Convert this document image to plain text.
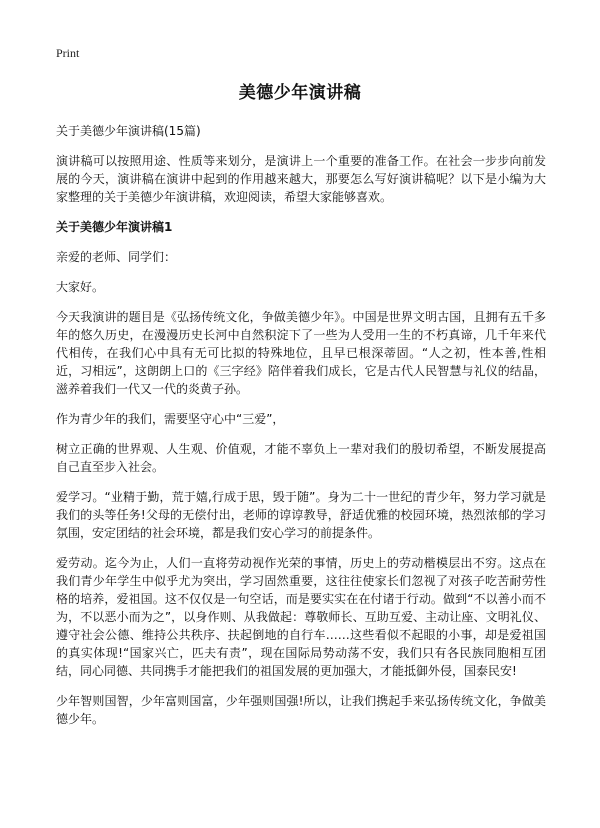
Print
美德少年演讲稿

关于美德少年演讲稿(15篇)

演讲稿可以按照用途、性质等来划分，是演讲上一个重要的准备工作。在社会一步步向前发展的今天，演讲稿在演讲中起到的作用越来越大，那要怎么写好演讲稿呢？以下是小编为大家整理的关于美德少年演讲稿，欢迎阅读，希望大家能够喜欢。

关于美德少年演讲稿1

亲爱的老师、同学们：

大家好。

今天我演讲的题目是《弘扬传统文化，争做美德少年》。中国是世界文明古国，且拥有五千多年的悠久历史，在漫漫历史长河中自然积淀下了一些为人受用一生的不朽真谛，几千年来代代相传，在我们心中具有无可比拟的特殊地位，且早已根深蒂固。“人之初，性本善,性相近，习相远”，这朗朗上口的《三字经》陪伴着我们成长，它是古代人民智慧与礼仪的结晶，滋养着我们一代又一代的炎黄子孙。

作为青少年的我们，需要坚守心中“三爱”，

树立正确的世界观、人生观、价值观，才能不辜负上一辈对我们的殷切希望，不断发展提高自己直至步入社会。

爱学习。“业精于勤，荒于嬉,行成于思，毁于随”。身为二十一世纪的青少年，努力学习就是我们的头等任务!父母的无偿付出，老师的谆谆教导，舒适优雅的校园环境，热烈浓郁的学习氛围，安定团结的社会环境，都是我们安心学习的前提条件。

爱劳动。迄今为止，人们一直将劳动视作光荣的事情，历史上的劳动楷模层出不穷。这点在我们青少年学生中似乎尤为突出，学习固然重要，这往往使家长们忽视了对孩子吃苦耐劳性格的培养，爱祖国。这不仅仅是一句空话，而是要实实在在付诸于行动。做到“不以善小而不为，不以恶小而为之”，以身作则、从我做起：尊敬师长、互助互爱、主动让座、文明礼仪、遵守社会公德、维持公共秩序、扶起倒地的自行车……这些看似不起眼的小事，却是爱祖国的真实体现!“国家兴亡，匹夫有责”，现在国际局势动荡不安，我们只有各民族同胞相互团结，同心同德、共同携手才能把我们的祖国发展的更加强大，才能抵御外侵，国泰民安!

少年智则国智，少年富则国富，少年强则国强!所以，让我们携起手来弘扬传统文化，争做美德少年。
